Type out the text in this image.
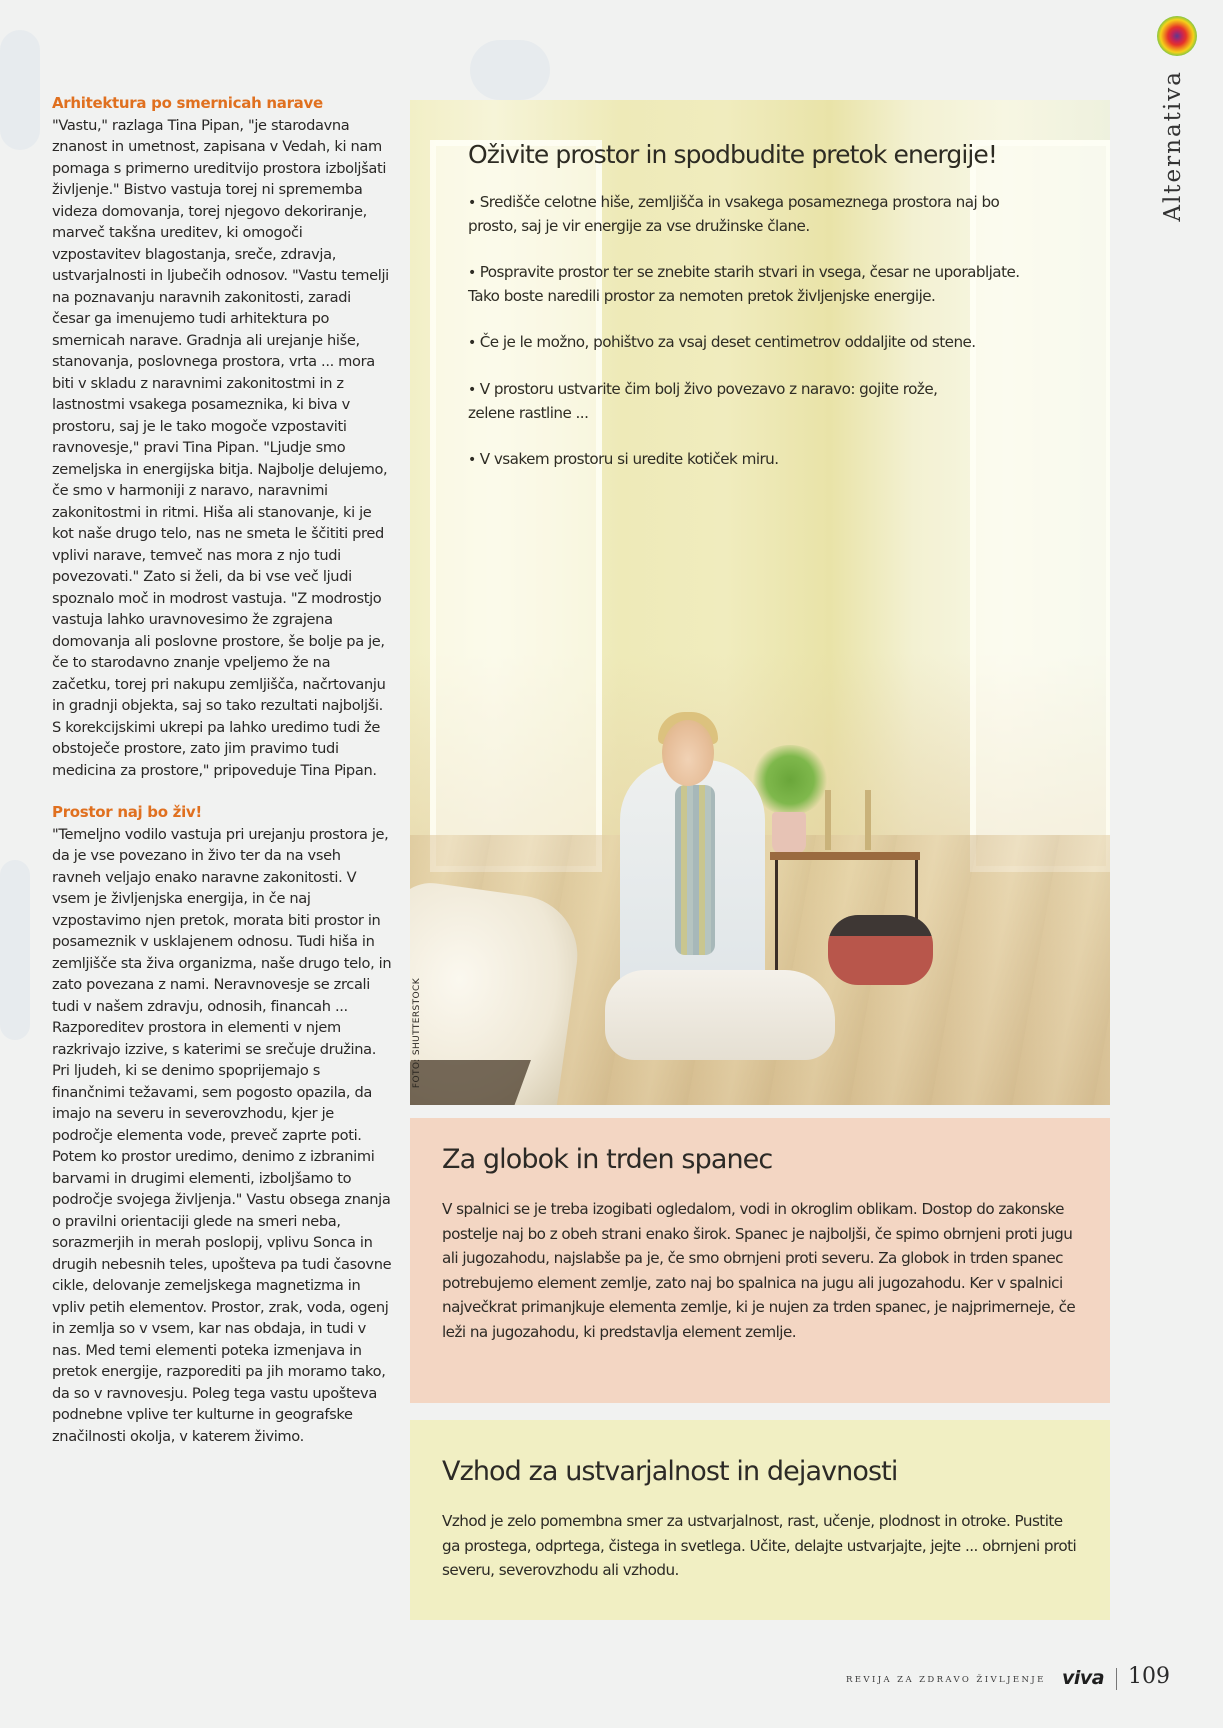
Arhitektura po smernicah narave

"Vastu," razlaga Tina Pipan, "je starodavna znanost in umetnost, zapisana v Vedah, ki nam pomaga s primerno ureditvijo prostora izboljšati življenje." Bistvo vastuja torej ni sprememba videza domovanja, torej njegovo dekoriranje, marveč takšna ureditev, ki omogoči vzpostavitev blagostanja, sreče, zdravja, ustvarjalnosti in ljubečih odnosov. "Vastu temelji na poznavanju naravnih zakonitosti, zaradi česar ga imenujemo tudi arhitektura po smernicah narave. Gradnja ali urejanje hiše, stanovanja, poslovnega prostora, vrta ... mora biti v skladu z naravnimi zakonitostmi in z lastnostmi vsakega posameznika, ki biva v prostoru, saj je le tako mogoče vzpostaviti ravnovesje," pravi Tina Pipan. "Ljudje smo zemeljska in energijska bitja. Najbolje delujemo, če smo v harmoniji z naravo, naravnimi zakonitostmi in ritmi. Hiša ali stanovanje, ki je kot naše drugo telo, nas ne smeta le ščititi pred vplivi narave, temveč nas mora z njo tudi povezovati." Zato si želi, da bi vse več ljudi spoznalo moč in modrost vastuja. "Z modrostjo vastuja lahko uravnovesimo že zgrajena domovanja ali poslovne prostore, še bolje pa je, če to starodavno znanje vpeljemo že na začetku, torej pri nakupu zemljišča, načrtovanju in gradnji objekta, saj so tako rezultati najboljši. S korekcijskimi ukrepi pa lahko uredimo tudi že obstoječe prostore, zato jim pravimo tudi medicina za prostore," pripoveduje Tina Pipan.

Prostor naj bo živ!

"Temeljno vodilo vastuja pri urejanju prostora je, da je vse povezano in živo ter da na vseh ravneh veljajo enako naravne zakonitosti. V vsem je življenjska energija, in če naj vzpostavimo njen pretok, morata biti prostor in posameznik v usklajenem odnosu. Tudi hiša in zemljišče sta živa organizma, naše drugo telo, in zato povezana z nami. Neravnovesje se zrcali tudi v našem zdravju, odnosih, financah ... Razporeditev prostora in elementi v njem razkrivajo izzive, s katerimi se srečuje družina. Pri ljudeh, ki se denimo spoprijemajo s finančnimi težavami, sem pogosto opazila, da imajo na severu in severovzhodu, kjer je področje elementa vode, preveč zaprte poti. Potem ko prostor uredimo, denimo z izbranimi barvami in drugimi elementi, izboljšamo to področje svojega življenja." Vastu obsega znanja o pravilni orientaciji glede na smeri neba, sorazmerjih in merah poslopij, vplivu Sonca in drugih nebesnih teles, upošteva pa tudi časovne cikle, delovanje zemeljskega magnetizma in vpliv petih elementov. Prostor, zrak, voda, ogenj in zemlja so v vsem, kar nas obdaja, in tudi v nas. Med temi elementi poteka izmenjava in pretok energije, razporediti pa jih moramo tako, da so v ravnovesju. Poleg tega vastu upošteva podnebne vplive ter kulturne in geografske značilnosti okolja, v katerem živimo.

Oživite prostor in spodbudite pretok energije!

• Središče celotne hiše, zemljišča in vsakega posameznega prostora naj bo prosto, saj je vir energije za vse družinske člane.

• Pospravite prostor ter se znebite starih stvari in vsega, česar ne uporabljate. Tako boste naredili prostor za nemoten pretok življenjske energije.

• Če je le možno, pohištvo za vsaj deset centimetrov oddaljite od stene.

• V prostoru ustvarite čim bolj živo povezavo z naravo: gojite rože, zelene rastline ...

• V vsakem prostoru si uredite kotiček miru.

FOTO: SHUTTERSTOCK
Za globok in trden spanec

V spalnici se je treba izogibati ogledalom, vodi in okroglim oblikam. Dostop do zakonske postelje naj bo z obeh strani enako širok. Spanec je najboljši, če spimo obrnjeni proti jugu ali jugozahodu, najslabše pa je, če smo obrnjeni proti severu. Za globok in trden spanec potrebujemo element zemlje, zato naj bo spalnica na jugu ali jugozahodu. Ker v spalnici največkrat primanjkuje elementa zemlje, ki je nujen za trden spanec, je najprimerneje, če leži na jugozahodu, ki predstavlja element zemlje.

Vzhod za ustvarjalnost in dejavnosti

Vzhod je zelo pomembna smer za ustvarjalnost, rast, učenje, plodnost in otroke. Pustite ga prostega, odprtega, čistega in svetlega. Učite, delajte ustvarjajte, jejte ... obrnjeni proti severu, severovzhodu ali vzhodu.

Alternativa
REVIJA ZA ZDRAVO ŽIVLJENJE viva 109
